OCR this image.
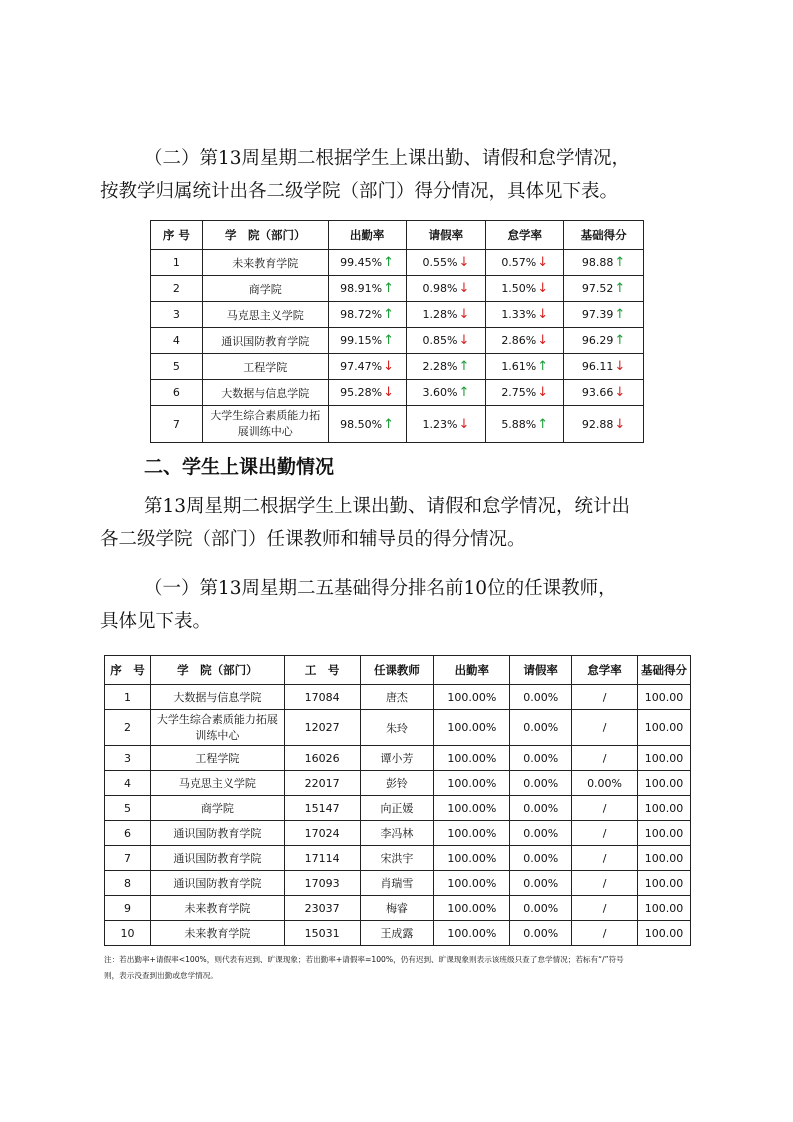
（二）第13周星期二根据学生上课出勤、请假和怠学情况，
按教学归属统计出各二级学院（部门）得分情况，具体见下表。

序 号	学　院（部门）	出勤率	请假率	怠学率	基础得分
1	未来教育学院	99.45%↑	0.55%↓	0.57%↓	98.88↑
2	商学院	98.91%↑	0.98%↓	1.50%↓	97.52↑
3	马克思主义学院	98.72%↑	1.28%↓	1.33%↓	97.39↑
4	通识国防教育学院	99.15%↑	0.85%↓	2.86%↓	96.29↑
5	工程学院	97.47%↓	2.28%↑	1.61%↑	96.11↓
6	大数据与信息学院	95.28%↓	3.60%↑	2.75%↓	93.66↓
7	大学生综合素质能力拓展训练中心	98.50%↑	1.23%↓	5.88%↑	92.88↓

二、学生上课出勤情况

第13周星期二根据学生上课出勤、请假和怠学情况，统计出
各二级学院（部门）任课教师和辅导员的得分情况。

（一）第13周星期二五基础得分排名前10位的任课教师，
具体见下表。

序　号	学　院（部门）	工　号	任课教师	出勤率	请假率	怠学率	基础得分
1	大数据与信息学院	17084	唐杰	100.00%	0.00%	/	100.00
2	大学生综合素质能力拓展训练中心	12027	朱玲	100.00%	0.00%	/	100.00
3	工程学院	16026	谭小芳	100.00%	0.00%	/	100.00
4	马克思主义学院	22017	彭铃	100.00%	0.00%	0.00%	100.00
5	商学院	15147	向正媛	100.00%	0.00%	/	100.00
6	通识国防教育学院	17024	李冯林	100.00%	0.00%	/	100.00
7	通识国防教育学院	17114	宋洪宇	100.00%	0.00%	/	100.00
8	通识国防教育学院	17093	肖瑞雪	100.00%	0.00%	/	100.00
9	未来教育学院	23037	梅睿	100.00%	0.00%	/	100.00
10	未来教育学院	15031	王成露	100.00%	0.00%	/	100.00

注：若出勤率+请假率<100%，则代表有迟到、旷课现象；若出勤率+请假率=100%，仍有迟到、旷课现象则表示该班级只查了怠学情况；若标有“/”符号
则，表示没查到出勤或怠学情况。
